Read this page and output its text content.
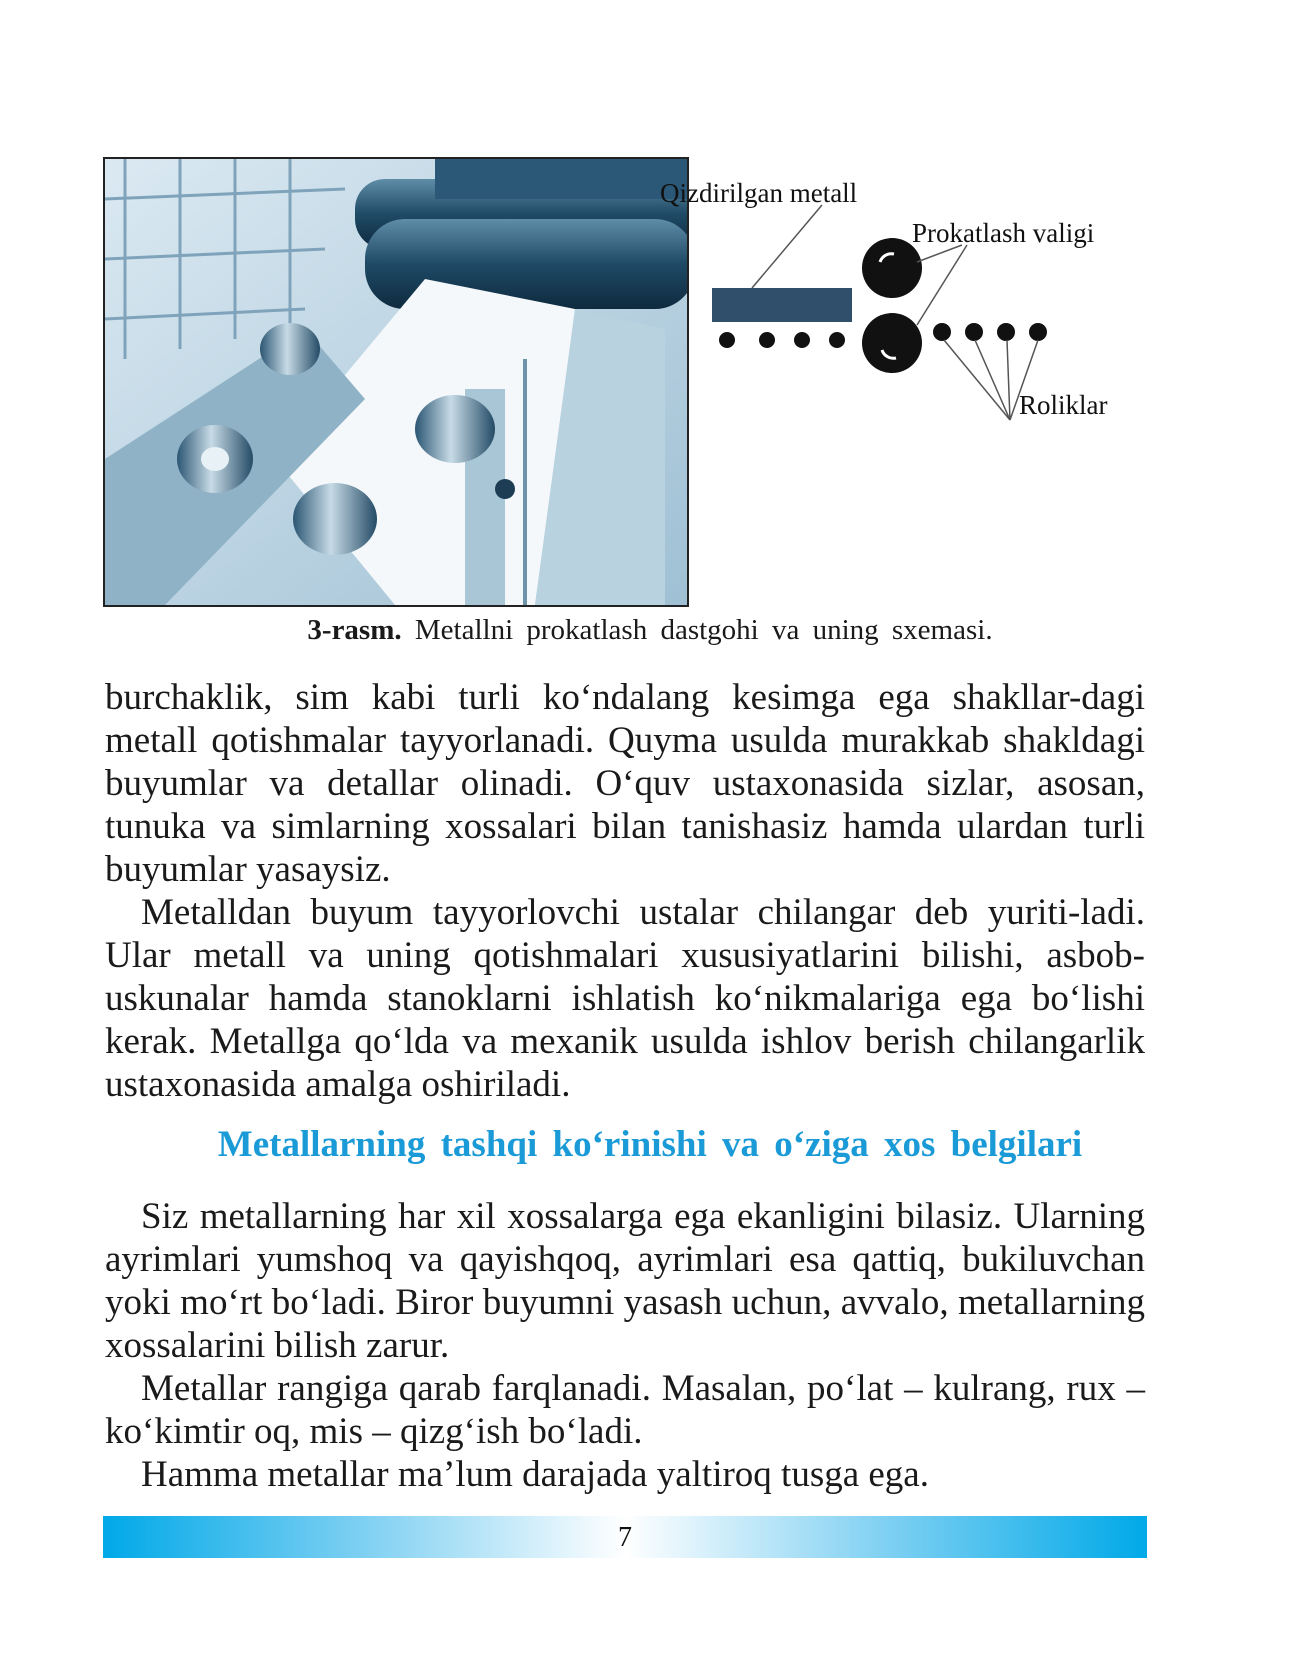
Qizdirilgan metall
Prokatlash valigi
Roliklar
3-rasm. Metallni prokatlash dastgohi va uning sxemasi.

burchaklik, sim kabi turli ko‘ndalang kesimga ega shakllar-dagi metall qotishmalar tayyorlanadi. Quyma usulda murakkab shakldagi buyumlar va detallar olinadi. O‘quv ustaxonasida sizlar, asosan, tunuka va simlarning xossalari bilan tanishasiz hamda ulardan turli buyumlar yasaysiz.

Metalldan buyum tayyorlovchi ustalar chilangar deb yuriti-ladi. Ular metall va uning qotishmalari xususiyatlarini bilishi, asbob-uskunalar hamda stanoklarni ishlatish ko‘nikmalariga ega bo‘lishi kerak. Metallga qo‘lda va mexanik usulda ishlov berish chilangarlik ustaxonasida amalga oshiriladi.

Metallarning tashqi ko‘rinishi va o‘ziga xos belgilari

Siz metallarning har xil xossalarga ega ekanligini bilasiz. Ularning ayrimlari yumshoq va qayishqoq, ayrimlari esa qattiq, bukiluvchan yoki mo‘rt bo‘ladi. Biror buyumni yasash uchun, avvalo, metallarning xossalarini bilish zarur.

Metallar rangiga qarab farqlanadi. Masalan, po‘lat – kulrang, rux – ko‘kimtir oq, mis – qizg‘ish bo‘ladi.

Hamma metallar ma’lum darajada yaltiroq tusga ega.

7
